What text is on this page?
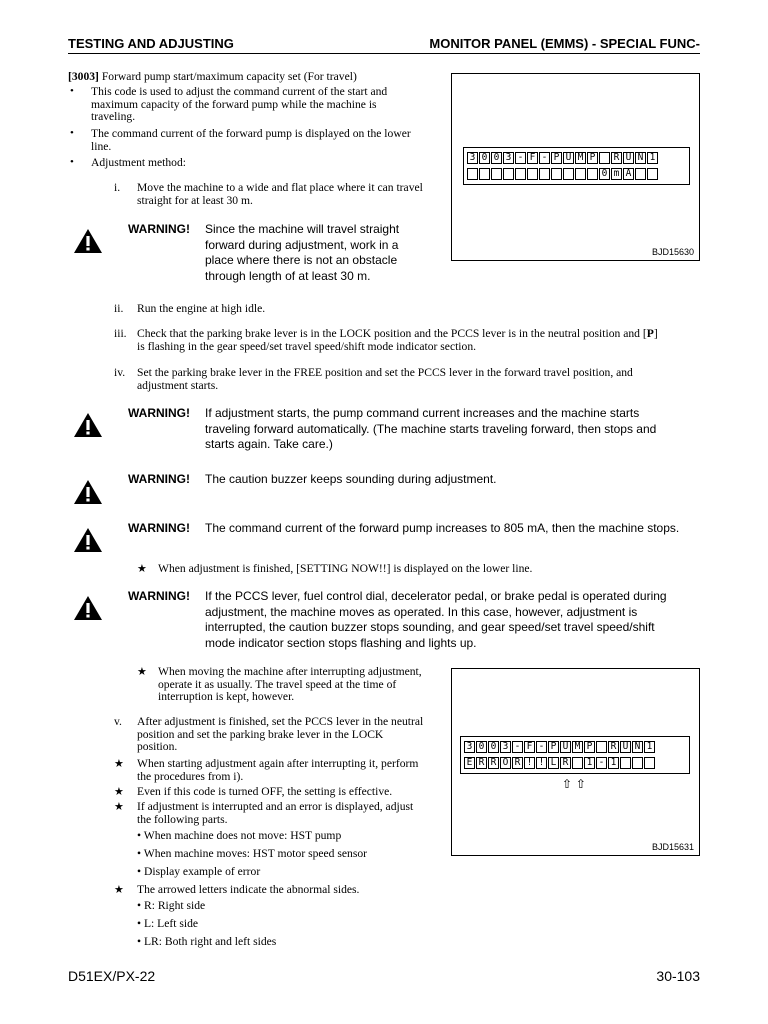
TESTING AND ADJUSTING	MONITOR PANEL (EMMS) - SPECIAL FUNC-
[3003] Forward pump start/maximum capacity set (For travel)
• This code is used to adjust the command current of the start and
maximum capacity of the forward pump while the machine is
traveling.
• The command current of the forward pump is displayed on the lower
line.
• Adjustment method:
i. Move the machine to a wide and flat place where it can travel
straight for at least 30 m.
WARNING! Since the machine will travel straight
forward during adjustment, work in a
place where there is not an obstacle
through length of at least 30 m.
3 0 0 3 - F - P U M P R U N 1
0 m A
BJD15630
ii. Run the engine at high idle.
iii. Check that the parking brake lever is in the LOCK position and the PCCS lever is in the neutral position and [P]
is flashing in the gear speed/set travel speed/shift mode indicator section.
iv. Set the parking brake lever in the FREE position and set the PCCS lever in the forward travel position, and
adjustment starts.
WARNING! If adjustment starts, the pump command current increases and the machine starts
traveling forward automatically. (The machine starts traveling forward, then stops and
starts again. Take care.)
WARNING! The caution buzzer keeps sounding during adjustment.
WARNING! The command current of the forward pump increases to 805 mA, then the machine stops.
★ When adjustment is finished, [SETTING NOW!!] is displayed on the lower line.
WARNING! If the PCCS lever, fuel control dial, decelerator pedal, or brake pedal is operated during
adjustment, the machine moves as operated. In this case, however, adjustment is
interrupted, the caution buzzer stops sounding, and gear speed/set travel speed/shift
mode indicator section stops flashing and lights up.
★ When moving the machine after interrupting adjustment,
operate it as usually. The travel speed at the time of
interruption is kept, however.
v. After adjustment is finished, set the PCCS lever in the neutral
position and set the parking brake lever in the LOCK
position.
★ When starting adjustment again after interrupting it, perform
the procedures from i).
★ Even if this code is turned OFF, the setting is effective.
★ If adjustment is interrupted and an error is displayed, adjust
the following parts.
• When machine does not move: HST pump
• When machine moves: HST motor speed sensor
• Display example of error
★ The arrowed letters indicate the abnormal sides.
• R: Right side
• L: Left side
• LR: Both right and left sides
3 0 0 3 - F - P U M P R U N 1
E R R O R ! ! L R 1 - 1
⇧ ⇧
BJD15631
D51EX/PX-22	30-103
